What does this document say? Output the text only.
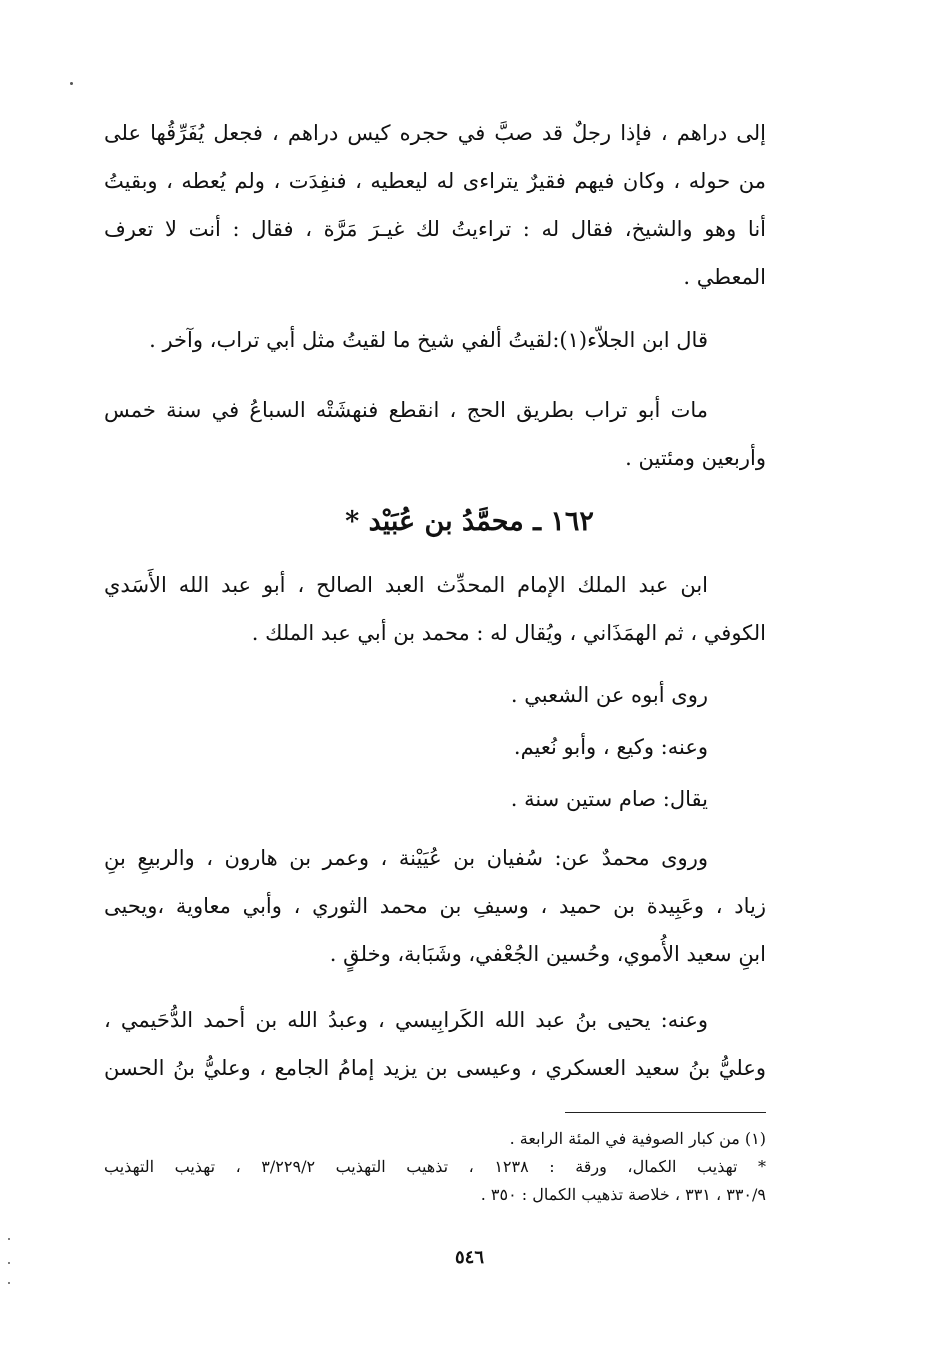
إلى دراهم ، فإذا رجلٌ قد صبَّ في حجره كيس دراهم ، فجعل يُفَرِّقُها على
من حوله ، وكان فيهم فقيرٌ يتراءى له ليعطيه ، فنفِدَت ، ولم يُعطه ، وبقيتُ
أنا وهو والشيخ، فقال له : تراءيتُ لك غيـرَ مَرَّة ، فقال : أنت لا تعرف
المعطي .
قال ابن الجلاّء(١):لقيتُ ألفي شيخ ما لقيتُ مثل أبي تراب، وآخر .
مات أبو تراب بطريق الحج ، انقطع فنهشَتْه السباعُ في سنة خمس
وأربعين ومئتين .
١٦٢ ـ محمَّدُ بن عُبَيْد *
ابن عبد الملك الإمام المحدِّث العبد الصالح ، أبو عبد الله الأَسَدي
الكوفي ، ثم الهمَذَاني ، ويُقال له : محمد بن أبي عبد الملك .
روى أبوه عن الشعبي .
وعنه: وكيع ، وأبو نُعيم.
يقال: صام ستين سنة .
وروى محمدٌ عن: سُفيان بن عُيَيْنة ، وعمر بن هارون ، والربيعِ بنِ
زياد ، وعَبِيدة بن حميد ، وسيفِ بن محمد الثوري ، وأبي معاوية ،ويحيى
ابنِ سعيد الأُموي، وحُسين الجُعْفي، وشَبَابة، وخلقٍ .
وعنه: يحيى بنُ عبد الله الكَرابِيسي ، وعبدُ الله بن أحمد الدُّحَيمي ،
وعليُّ بنُ سعيد العسكري ، وعيسى بن يزيد إمامُ الجامع ، وعليُّ بنُ الحسن
(١) من كبار الصوفية في المئة الرابعة .
* تهذيب الكمال، ورقة : ١٢٣٨ ، تذهيب التهذيب ٣/٢٢٩/٢ ، تهذيب التهذيب
٣٣٠/٩ ، ٣٣١ ، خلاصة تذهيب الكمال : ٣٥٠ .
٥٤٦
